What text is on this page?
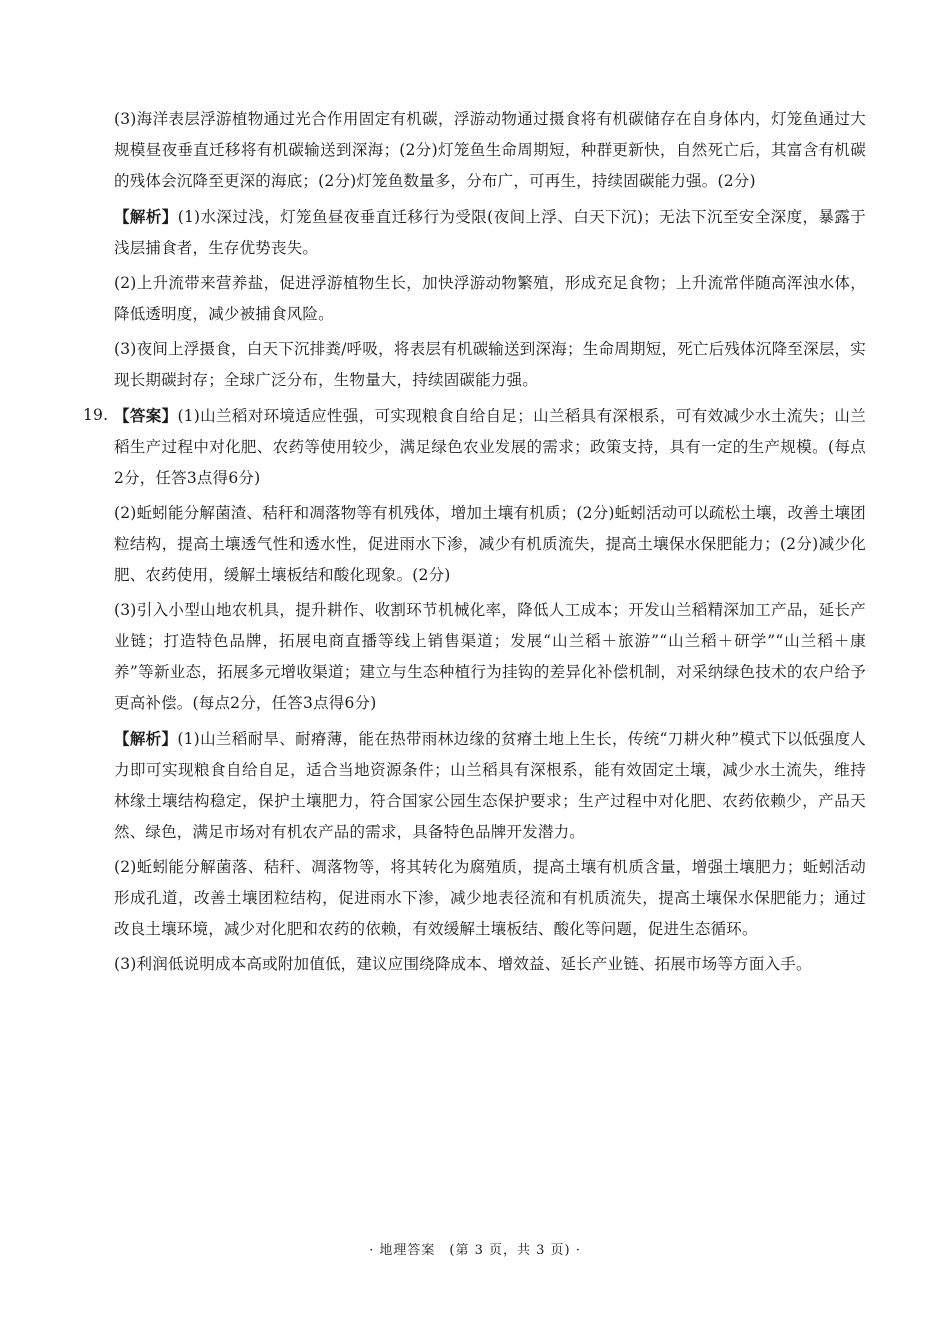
(3)海洋表层浮游植物通过光合作用固定有机碳，浮游动物通过摄食将有机碳储存在自身体内，灯笼鱼通过大规模昼夜垂直迁移将有机碳输送到深海；(2分)灯笼鱼生命周期短，种群更新快，自然死亡后，其富含有机碳的残体会沉降至更深的海底；(2分)灯笼鱼数量多，分布广，可再生，持续固碳能力强。(2分)

【解析】(1)水深过浅，灯笼鱼昼夜垂直迁移行为受限(夜间上浮、白天下沉)；无法下沉至安全深度，暴露于浅层捕食者，生存优势丧失。

(2)上升流带来营养盐，促进浮游植物生长，加快浮游动物繁殖，形成充足食物；上升流常伴随高浑浊水体，降低透明度，减少被捕食风险。

(3)夜间上浮摄食，白天下沉排粪/呼吸，将表层有机碳输送到深海；生命周期短，死亡后残体沉降至深层，实现长期碳封存；全球广泛分布，生物量大，持续固碳能力强。

19. 【答案】(1)山兰稻对环境适应性强，可实现粮食自给自足；山兰稻具有深根系，可有效减少水土流失；山兰稻生产过程中对化肥、农药等使用较少，满足绿色农业发展的需求；政策支持，具有一定的生产规模。(每点2分，任答3点得6分)

(2)蚯蚓能分解菌渣、秸秆和凋落物等有机残体，增加土壤有机质；(2分)蚯蚓活动可以疏松土壤，改善土壤团粒结构，提高土壤透气性和透水性，促进雨水下渗，减少有机质流失，提高土壤保水保肥能力；(2分)减少化肥、农药使用，缓解土壤板结和酸化现象。(2分)

(3)引入小型山地农机具，提升耕作、收割环节机械化率，降低人工成本；开发山兰稻精深加工产品，延长产业链；打造特色品牌，拓展电商直播等线上销售渠道；发展“山兰稻＋旅游”“山兰稻＋研学”“山兰稻＋康养”等新业态，拓展多元增收渠道；建立与生态种植行为挂钩的差异化补偿机制，对采纳绿色技术的农户给予更高补偿。(每点2分，任答3点得6分)

【解析】(1)山兰稻耐旱、耐瘠薄，能在热带雨林边缘的贫瘠土地上生长，传统“刀耕火种”模式下以低强度人力即可实现粮食自给自足，适合当地资源条件；山兰稻具有深根系，能有效固定土壤，减少水土流失，维持林缘土壤结构稳定，保护土壤肥力，符合国家公园生态保护要求；生产过程中对化肥、农药依赖少，产品天然、绿色，满足市场对有机农产品的需求，具备特色品牌开发潜力。

(2)蚯蚓能分解菌落、秸秆、凋落物等，将其转化为腐殖质，提高土壤有机质含量，增强土壤肥力；蚯蚓活动形成孔道，改善土壤团粒结构，促进雨水下渗，减少地表径流和有机质流失，提高土壤保水保肥能力；通过改良土壤环境，减少对化肥和农药的依赖，有效缓解土壤板结、酸化等问题，促进生态循环。

(3)利润低说明成本高或附加值低，建议应围绕降成本、增效益、延长产业链、拓展市场等方面入手。

· 地理答案　(第 3 页，共 3 页) ·
